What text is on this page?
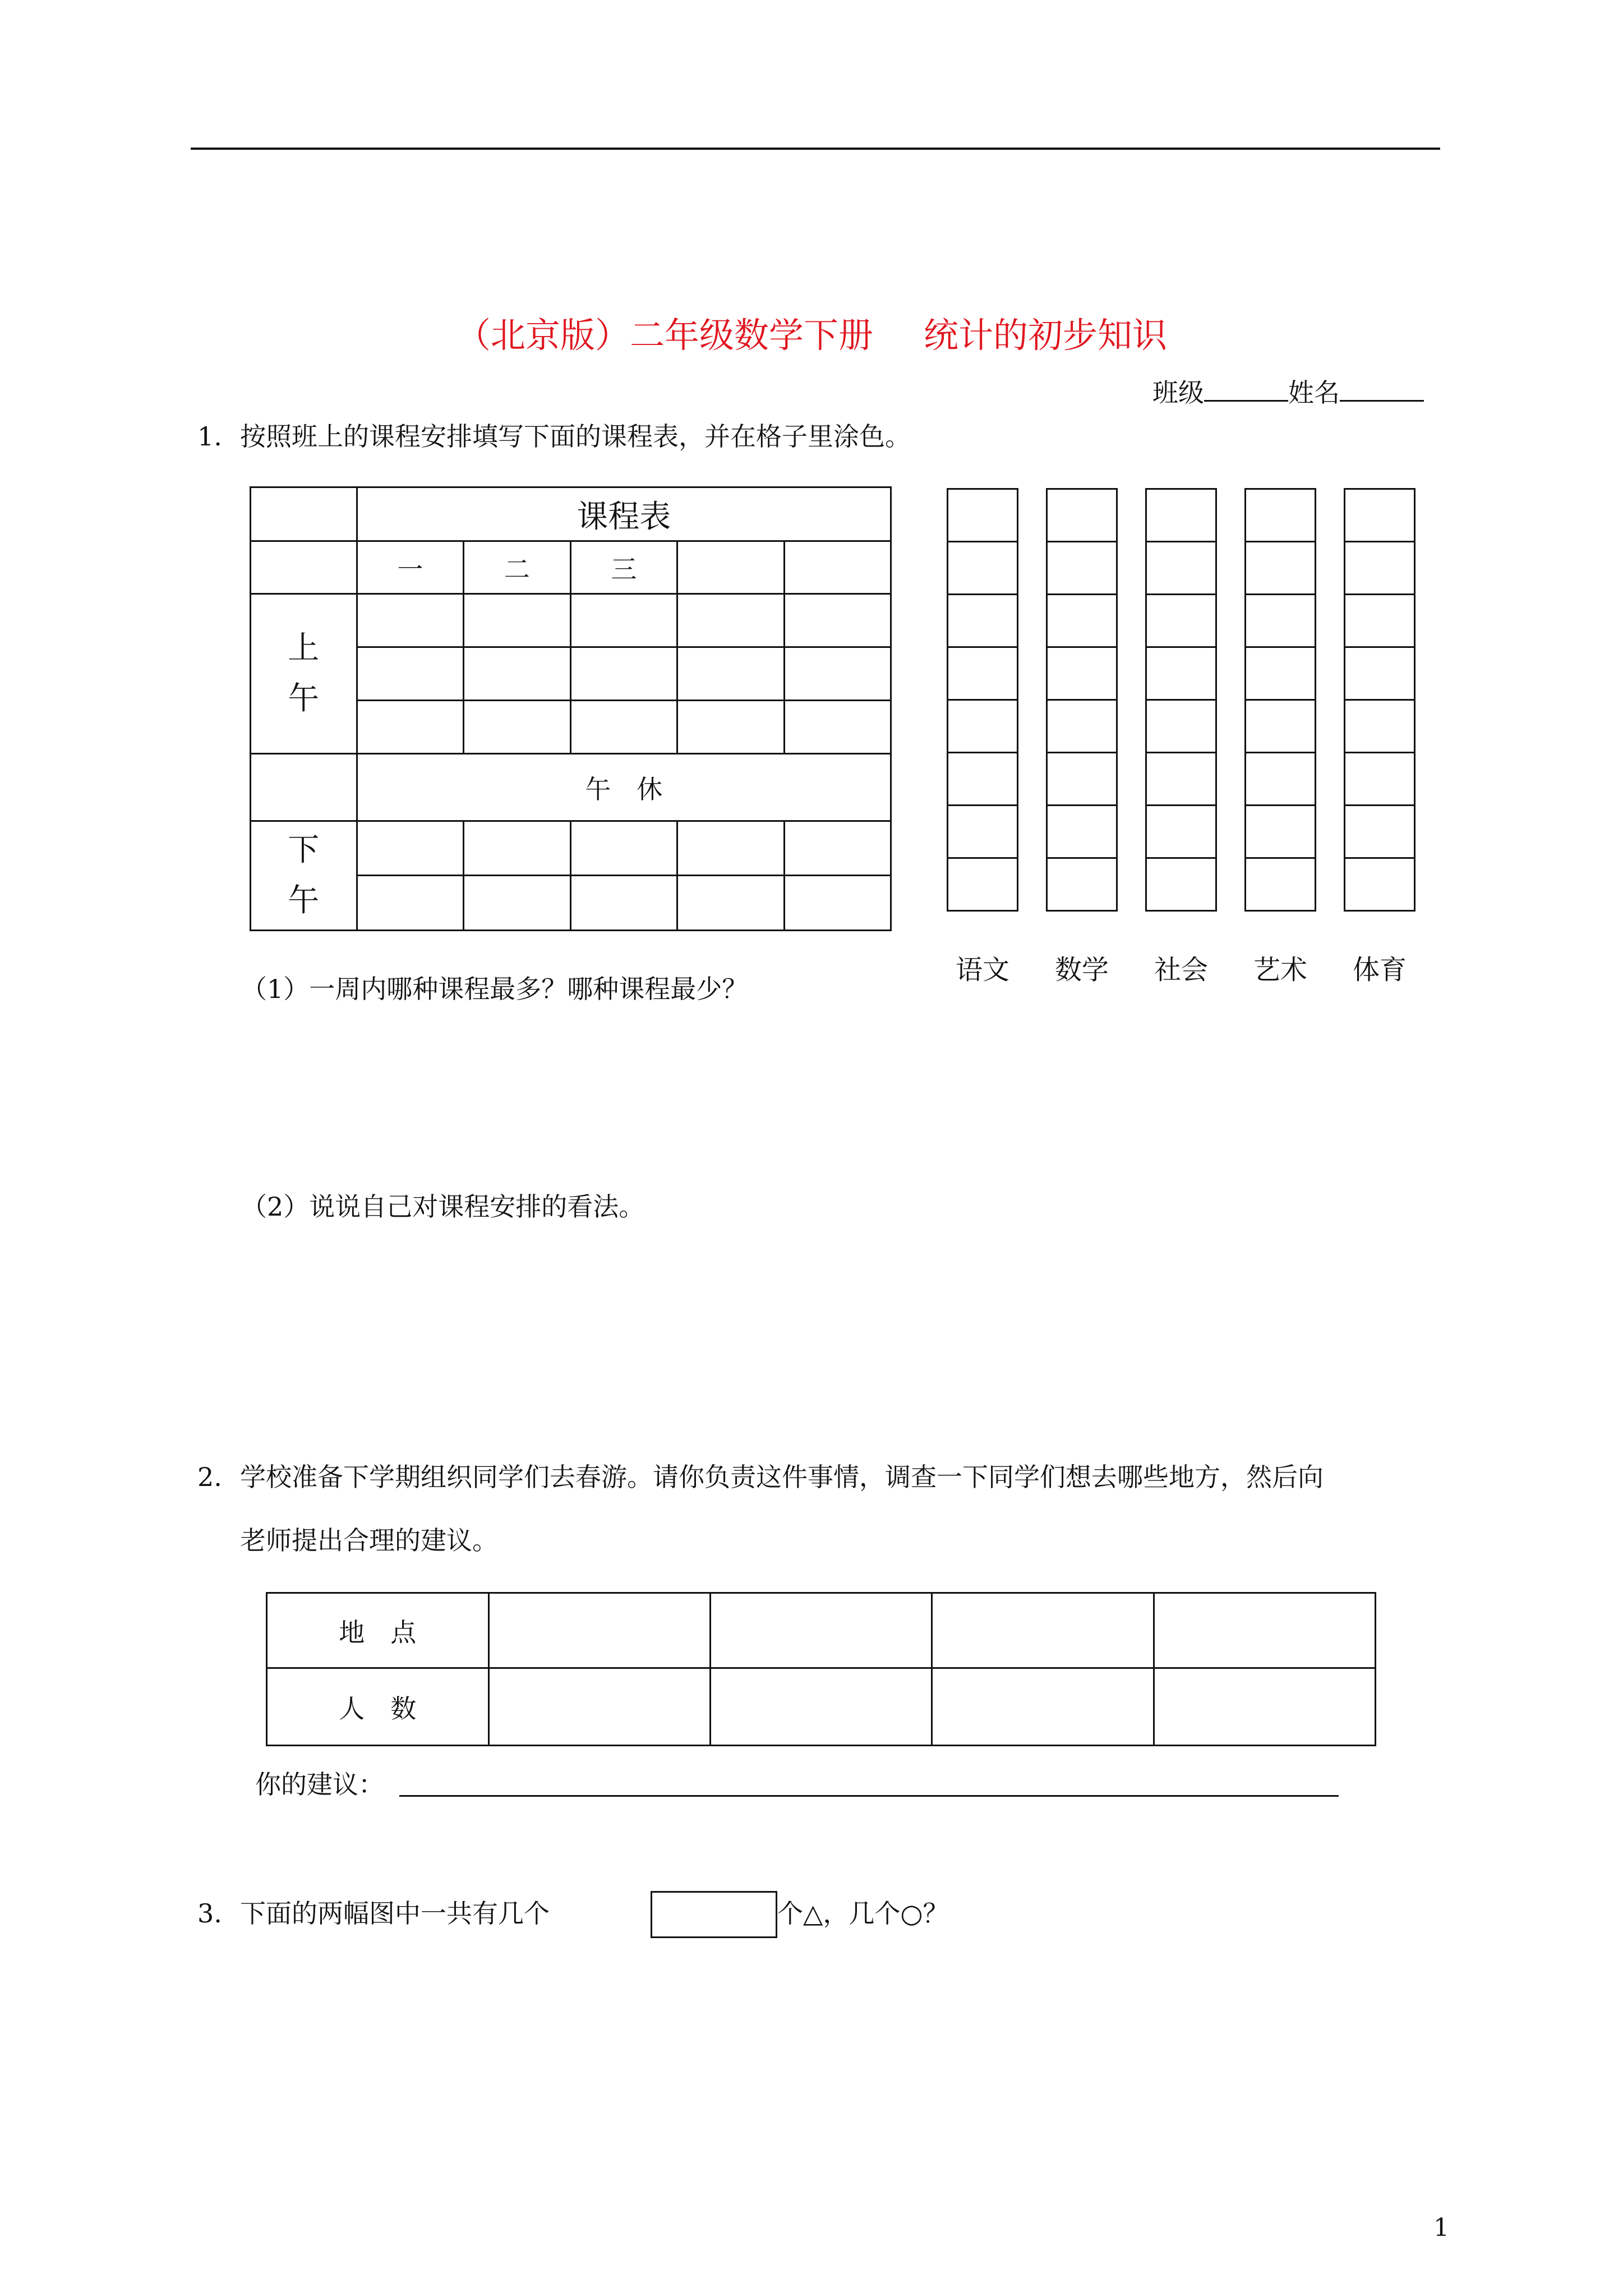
（北京版）二年级数学下册 统计的初步知识
班级	姓名
1. 按照班上的课程安排填写下面的课程表，并在格子里涂色。
	课程表				
	一	二	三		

上
午					

	午　休				

下
午					

语文	数学	社会	艺术	体育
（1）一周内哪种课程最多？哪种课程最少？
（2）说说自己对课程安排的看法。
2. 学校准备下学期组织同学们去春游。请你负责这件事情，调查一下同学们想去哪些地方，然后向
老师提出合理的建议。
地　点				
人　数				
你的建议：
3. 下面的两幅图中一共有几个	个△，几个○？
1
